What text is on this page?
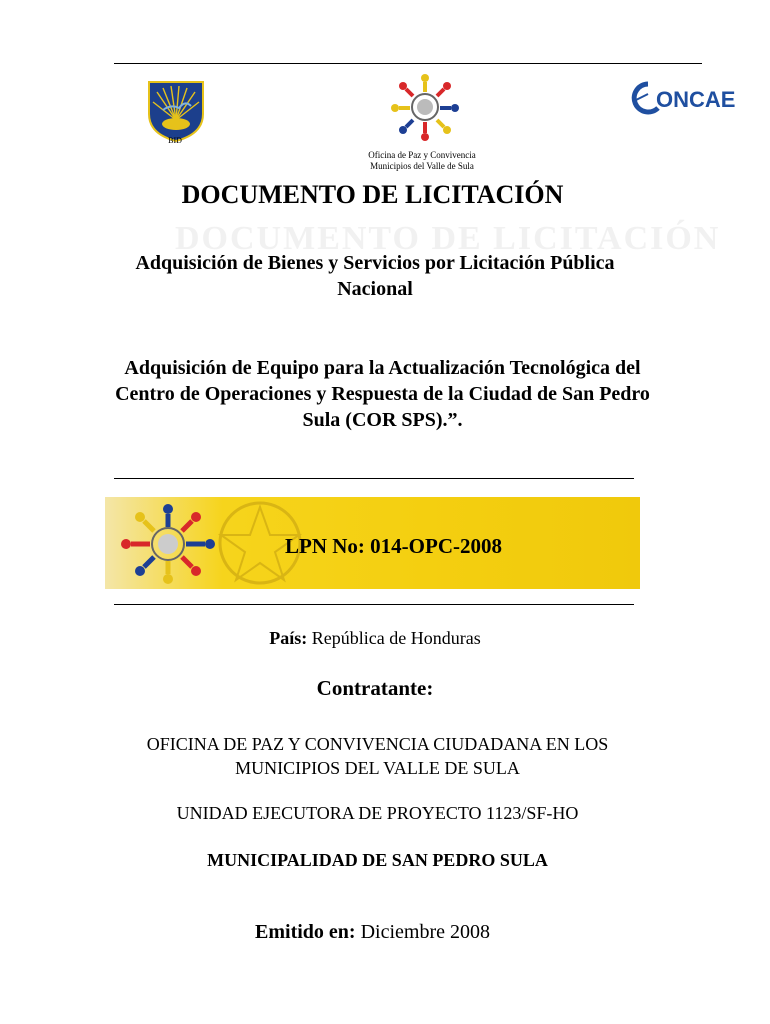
BID
Oficina de Paz y Convivencia Municipios del Valle de Sula
ONCAE
DOCUMENTO DE LICITACIÓN
DOCUMENTO DE LICITACIÓN
Adquisición de Bienes y Servicios por Licitación Pública Nacional
Adquisición de Equipo para la Actualización Tecnológica del Centro de Operaciones y Respuesta de la Ciudad de San Pedro Sula (COR SPS).”.
LPN No: 014-OPC-2008
País: República de Honduras
Contratante:
OFICINA DE PAZ Y CONVIVENCIA CIUDADANA EN LOS MUNICIPIOS DEL VALLE DE SULA
UNIDAD EJECUTORA DE PROYECTO 1123/SF-HO
MUNICIPALIDAD DE SAN PEDRO SULA
Emitido en: Diciembre 2008
